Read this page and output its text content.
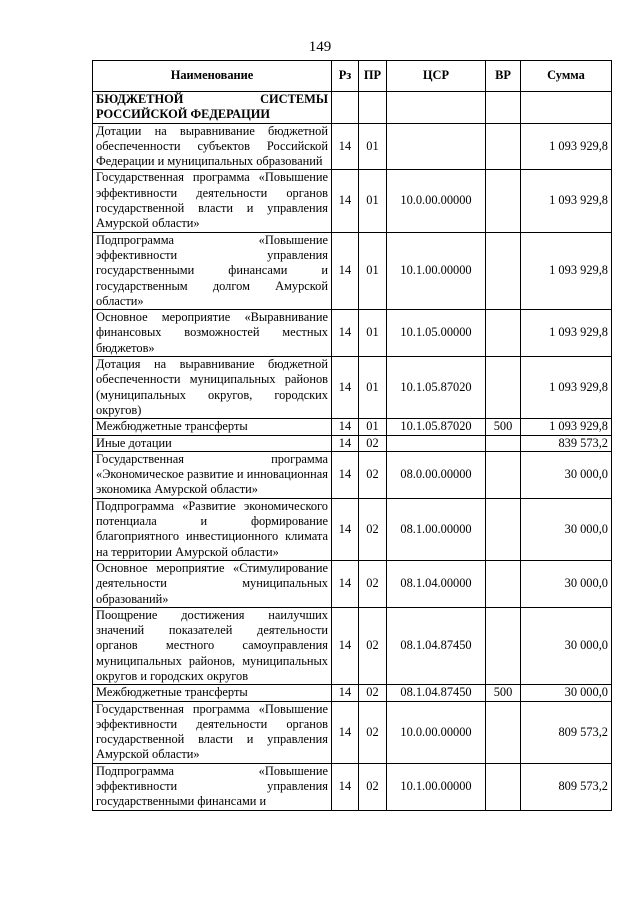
149
Наименование	Рз	ПР	ЦСР	ВР	Сумма
БЮДЖЕТНОЙ СИСТЕМЫ РОССИЙСКОЙ ФЕДЕРАЦИИ					
Дотации на выравнивание бюджетной обеспеченности субъектов Российской Федерации и муниципальных образований	14	01			1 093 929,8
Государственная программа «Повышение эффективности деятельности органов государственной власти и управления Амурской области»	14	01	10.0.00.00000		1 093 929,8
Подпрограмма «Повышение эффективности управления государственными финансами и государственным долгом Амурской области»	14	01	10.1.00.00000		1 093 929,8
Основное мероприятие «Выравнивание финансовых возможностей местных бюджетов»	14	01	10.1.05.00000		1 093 929,8
Дотация на выравнивание бюджетной обеспеченности муниципальных районов (муниципальных округов, городских округов)	14	01	10.1.05.87020		1 093 929,8
Межбюджетные трансферты	14	01	10.1.05.87020	500	1 093 929,8
Иные дотации	14	02			839 573,2
Государственная программа «Экономическое развитие и инновационная экономика Амурской области»	14	02	08.0.00.00000		30 000,0
Подпрограмма «Развитие экономического потенциала и формирование благоприятного инвестиционного климата на территории Амурской области»	14	02	08.1.00.00000		30 000,0
Основное мероприятие «Стимулирование деятельности муниципальных образований»	14	02	08.1.04.00000		30 000,0
Поощрение достижения наилучших значений показателей деятельности органов местного самоуправления муниципальных районов, муниципальных округов и городских округов	14	02	08.1.04.87450		30 000,0
Межбюджетные трансферты	14	02	08.1.04.87450	500	30 000,0
Государственная программа «Повышение эффективности деятельности органов государственной власти и управления Амурской области»	14	02	10.0.00.00000		809 573,2
Подпрограмма «Повышение эффективности управления государственными финансами и	14	02	10.1.00.00000		809 573,2
